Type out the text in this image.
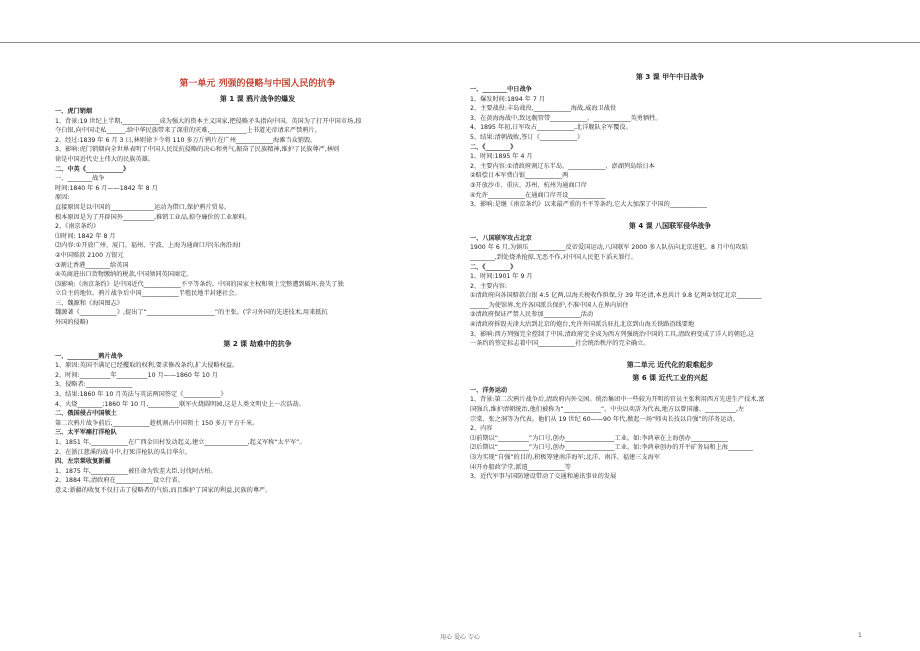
第一单元 列强的侵略与中国人民的抗争
第 1 课 鸦片战争的爆发
一、虎门销烟
1、背景:19 世纪上半期,____________成为强大的资本主义国家,把侵略矛头指向中国。英国为了打开中国市场,掠
夺白银,向中国走私______,给中华民族带来了深重的灾难,____________上书道光帝请求严禁鸦片。
2、经过:1839 年 6 月 3 日,林则徐下令将 110 多万斤鸦片在广州____________海滩当众销毁。
3、影响:虎门销烟向全世界表明了中国人民反抗侵略的决心和勇气,振奋了民族精神,维护了民族尊严,林则
徐是中国近代史上伟大的民族英雄。
二、中英《____________》
一、________战争
时间:1840 年 6 月——1842 年 8 月
原因:
直接原因是以中国的______________运动为借口,保护鸦片贸易。
根本原因是为了开辟国外__________,推销工业品,掠夺廉价的工业原料。
2、《南京条约》
⑴时间: 1842 年 8 月
⑵内容:①开放广州、厦门、福州、宁波、上海为通商口岸(东南沿海)
②中国赔款 2100 万银元
③割让香港________给英国
④英商进出口货物缴纳的税款,中国须同英国商定。
⑶影响:《南京条约》是中国近代____________不平等条约。中国的国家主权和领土完整遭到破坏,丧失了独
立自主的地位。鸦片战争后中国____________半殖民地半封建社会。
三、魏源和《海国图志》
魏源著《____________》,提出了“______________________”的主张。(学习外国的先进技术,用来抵抗
外国的侵略)
第 2 课 劫难中的抗争
一、__________鸦片战争
1、原因:英国不满足已经攫取的权利,要求修改条约,扩大侵略权益。
2、时间:__________年__________10 月——1860 年 10 月
3、侵略者:_______________
3、结果:1860 年 10 月英法与英法两国签定《____________》
4、火烧________;1860 年 10 月,__________联军火烧圆明园,这是人类文明史上一次浩劫。
二、俄国侵占中国领土
第二次鸦片战争前后,____________趁机割占中国领土 150 多万平方千米。
三、太平军痛打洋枪队
1、1851 年,____________在广西金田村发动起义,建立______________,起义军称“太平军”。
2、在浙江慈溪的战斗中,打死洋枪队的头目华尔。
四、左宗棠收复新疆
1、1875 年,____________被任命为钦差大臣,讨伐阿古柏。
2、1884 年,清政府在____________设立行省。
意义:新疆的收复不仅打击了侵略者的气焰,而且维护了国家的利益,民族的尊严。
第 3 课 甲午中日战争
一、________中日战争
1、爆发时间:1894 年 7 月
2、主要战役:丰岛战役,____________海战,威海卫战役
3、在黄海海战中,致远舰管带____________、____________英勇牺牲。
4、1895 年初,日军攻占____________,北洋舰队全军覆没。
5、结果:清朝战败,签订《____________》
二、《________》
1、时间:1895 年 4 月
2、主要内容:①清政府割辽东半岛、____________、澎湖列岛给日本
②赔偿日本军费白银____________两
③开放沙市、重庆、苏州、杭州为通商口岸
④允许____________在通商口岸开设____________
3、影响:是继《南京条约》以来最严重的不平等条约,它大大加深了中国的____________
第 4 课 八国联军侵华战争
一、八国联军攻占北京
1900 年 6 月,为镇压____________反帝爱国运动,八国联军 2000 多人队伍向北京进犯。8 月中旬攻陷
________,到处烧杀抢掠,无恶不作,对中国人民犯下滔天罪行。
二、《________》
1、时间:1901 年 9 月
2、主要内容:
①清政府向各国赔款白银 4.5 亿两,以海关税收作担保,分 39 年还清,本息共计 9.8 亿两②划定北京________
______为使馆界,允许各国派兵保护,不准中国人在界内居住
③清政府保证严禁人民参加____________活动
④清政府拆毁天津大沽到北京的炮台,允许外国派兵驻扎北京到山海关铁路沿线要地
3、影响:西方列强完全控制了中国,清政府完全成为西方列强统治中国的工具,清政府变成了洋人的朝廷,这
一条约的签定标志着中国____________社会统治秩序的完全确立。
第二单元 近代化的艰难起步
第 6 课 近代工业的兴起
一、洋务运动
1、背景:第二次鸦片战争后,清政府内外交困。统治集团中一些较为开明的官员主张利用西方先进生产技术,富
国强兵,维护清朝统治,他们被称为“____________”。中央以奕訢为代表,地方以曾国藩、__________,左
宗棠、张之洞等为代表。他们从 19 世纪 60——90 年代,掀起一场“师夷长技以自强”的洋务运动。
2、内容
⑴前期以“__________”为口号,创办________________工业。如:李鸿章在上海创办____________
⑵后期以“__________”为口号,创办________________工业。如:李鸿章创办的开平矿务局和上海________
⑶为实现“自强”的目的,积极筹建南洋海军;北洋、南洋、福建三支海军
⑷开办船政学堂,派遣____________等
3、近代军事与国防建设带动了交通和通讯事业的发展
用心 爱心 专心	1
